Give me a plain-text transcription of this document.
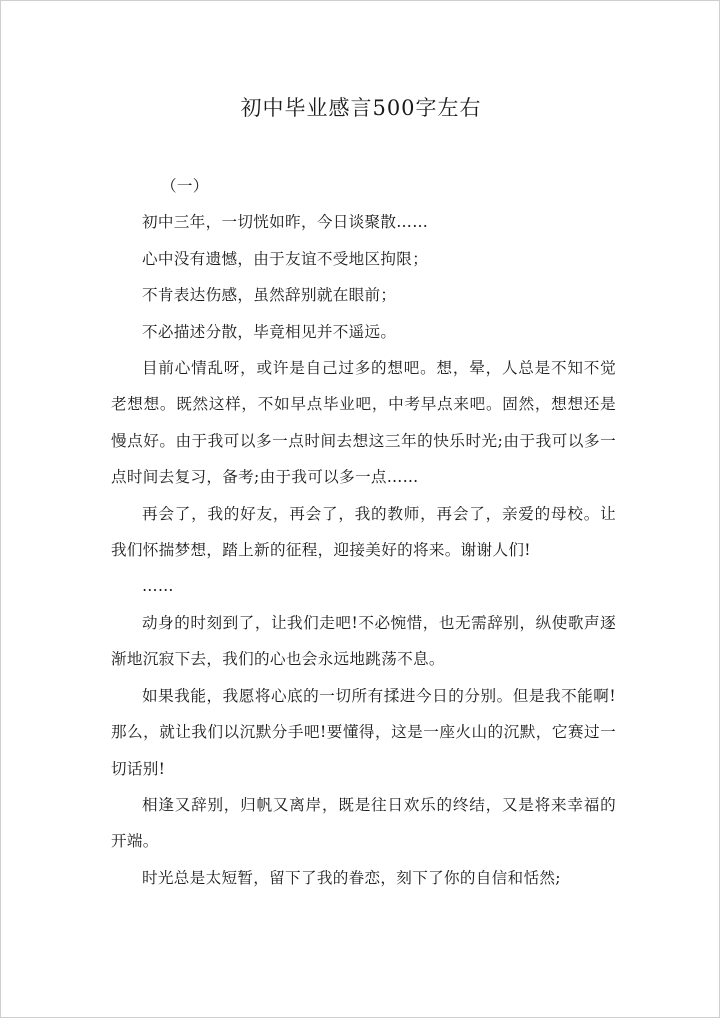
初中毕业感言500字左右

（一）

初中三年，一切恍如昨，今日谈聚散……

心中没有遗憾，由于友谊不受地区拘限；

不肯表达伤感，虽然辞别就在眼前；

不必描述分散，毕竟相见并不遥远。

目前心情乱呀，或许是自己过多的想吧。想，晕，人总是不知不觉老想想。既然这样，不如早点毕业吧，中考早点来吧。固然，想想还是慢点好。由于我可以多一点时间去想这三年的快乐时光;由于我可以多一点时间去复习，备考;由于我可以多一点……

再会了，我的好友，再会了，我的教师，再会了，亲爱的母校。让我们怀揣梦想，踏上新的征程，迎接美好的将来。谢谢人们!

……

动身的时刻到了，让我们走吧!不必惋惜，也无需辞别，纵使歌声逐渐地沉寂下去，我们的心也会永远地跳荡不息。

如果我能，我愿将心底的一切所有揉进今日的分别。但是我不能啊!那么，就让我们以沉默分手吧!要懂得，这是一座火山的沉默，它赛过一切话别!

相逢又辞别，归帆又离岸，既是往日欢乐的终结，又是将来幸福的开端。

时光总是太短暂，留下了我的眷恋，刻下了你的自信和恬然;
